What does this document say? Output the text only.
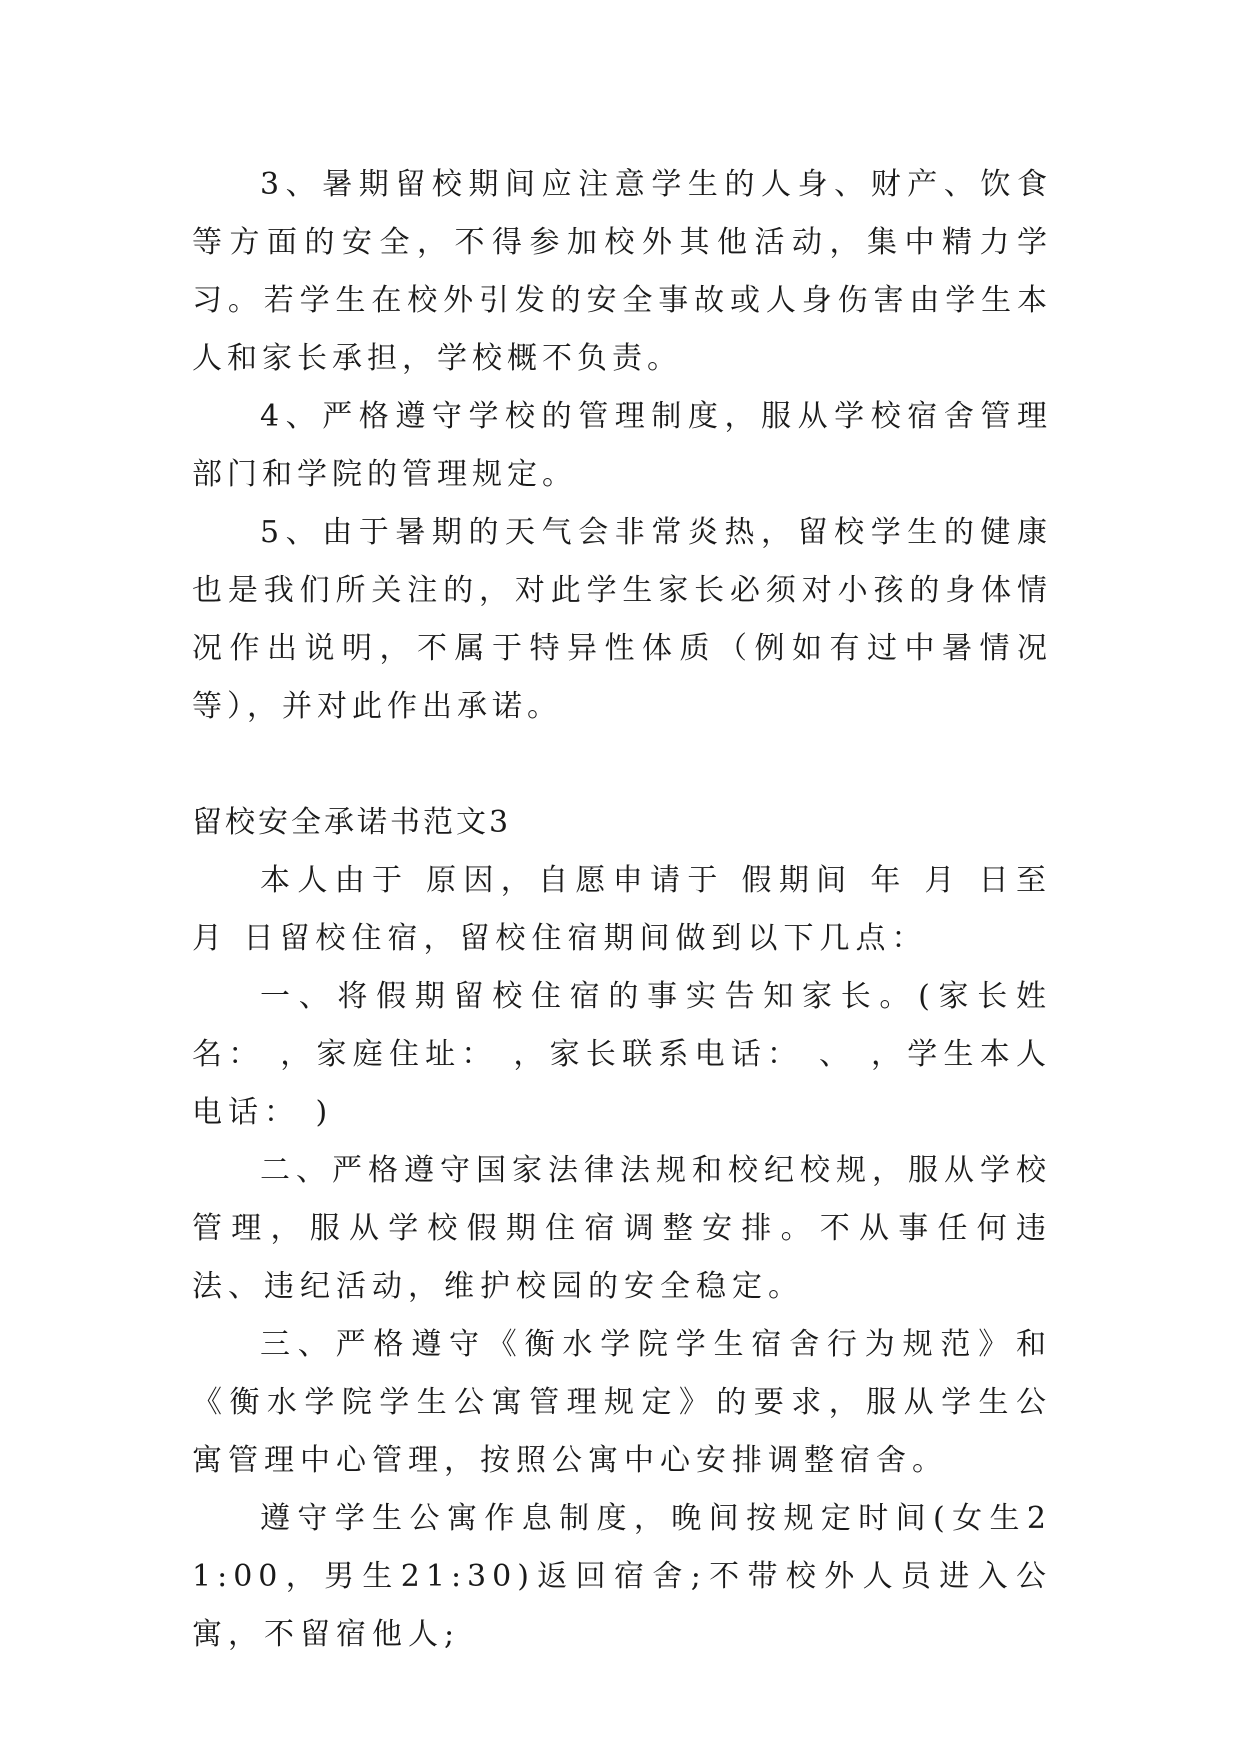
3、暑期留校期间应注意学生的人身、财产、饮食等方面的安全，不得参加校外其他活动，集中精力学习。若学生在校外引发的安全事故或人身伤害由学生本人和家长承担，学校概不负责。

4、严格遵守学校的管理制度，服从学校宿舍管理部门和学院的管理规定。

5、由于暑期的天气会非常炎热，留校学生的健康也是我们所关注的，对此学生家长必须对小孩的身体情况作出说明，不属于特异性体质（例如有过中暑情况等），并对此作出承诺。

留校安全承诺书范文3

本人由于 原因，自愿申请于 假期间 年 月 日至 月 日留校住宿，留校住宿期间做到以下几点：

一、将假期留校住宿的事实告知家长。(家长姓名： ，家庭住址： ，家长联系电话： 、 ，学生本人电话： )

二、严格遵守国家法律法规和校纪校规，服从学校管理，服从学校假期住宿调整安排。不从事任何违法、违纪活动，维护校园的安全稳定。

三、严格遵守《衡水学院学生宿舍行为规范》和《衡水学院学生公寓管理规定》的要求，服从学生公寓管理中心管理，按照公寓中心安排调整宿舍。

遵守学生公寓作息制度，晚间按规定时间(女生21:00，男生21:30)返回宿舍;不带校外人员进入公寓，不留宿他人;
